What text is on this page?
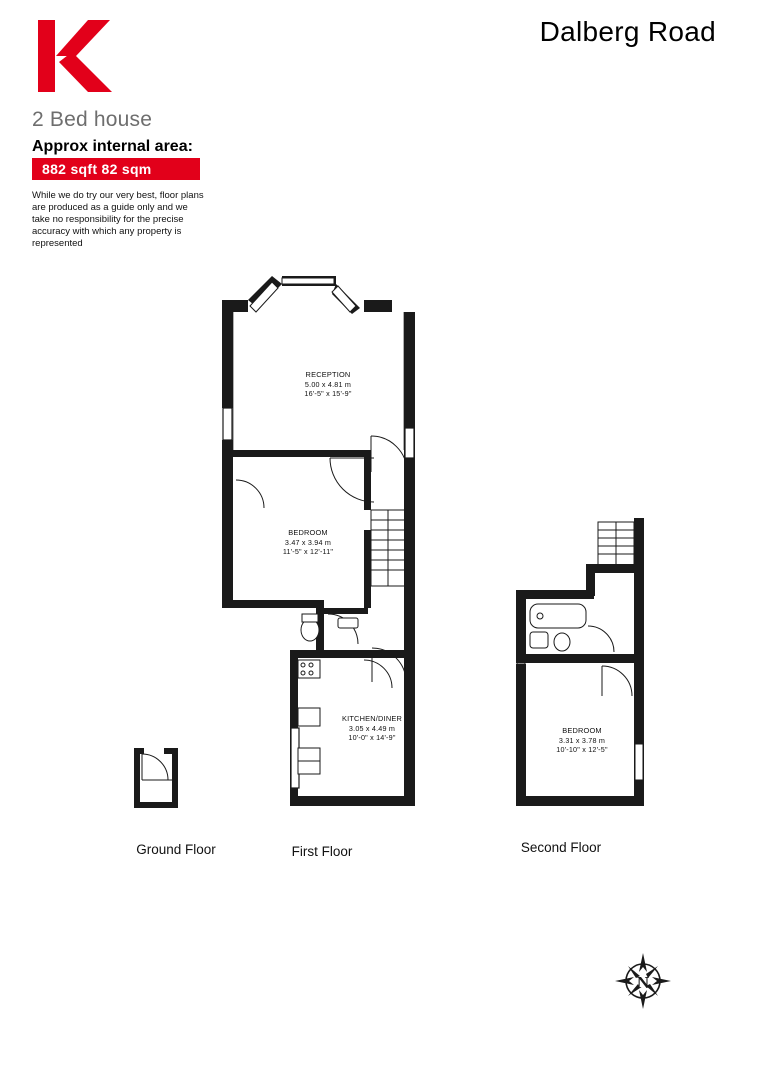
2 Bed house
Approx internal area:
882 sqft 82 sqm
While we do try our very best, floor plans are produced as a guide only and we take no responsibility for the precise accuracy with which any property is represented
Dalberg Road
Ground Floor	First Floor
RECEPTION
5.00 x 4.81 m
16'-5" x 15'-9"
BEDROOM
3.47 x 3.94 m
11'-5" x 12'-11"
KITCHEN/DINER
3.05 x 4.49 m
10'-0" x 14'-9"
Second Floor
BEDROOM
3.31 x 3.78 m
10'-10" x 12'-5"
N
